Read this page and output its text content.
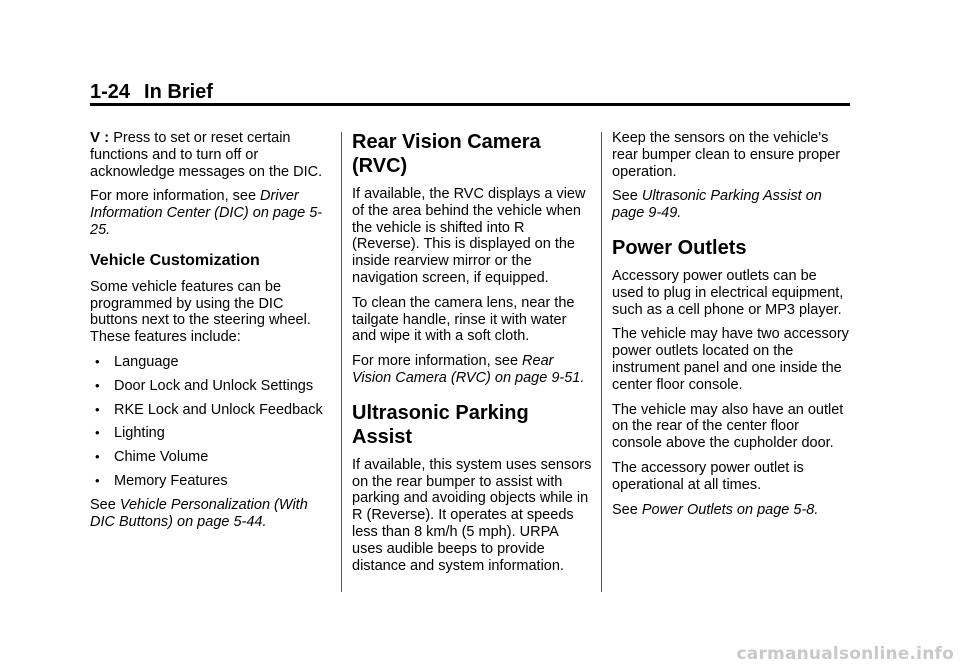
1-24 In Brief

V : Press to set or reset certain functions and to turn off or acknowledge messages on the DIC.

For more information, see Driver Information Center (DIC) on page 5-25.

Vehicle Customization

Some vehicle features can be programmed by using the DIC buttons next to the steering wheel. These features include:

• Language
• Door Lock and Unlock Settings
• RKE Lock and Unlock Feedback
• Lighting
• Chime Volume
• Memory Features

See Vehicle Personalization (With DIC Buttons) on page 5-44.

Rear Vision Camera (RVC)

If available, the RVC displays a view of the area behind the vehicle when the vehicle is shifted into R (Reverse). This is displayed on the inside rearview mirror or the navigation screen, if equipped.

To clean the camera lens, near the tailgate handle, rinse it with water and wipe it with a soft cloth.

For more information, see Rear Vision Camera (RVC) on page 9-51.

Ultrasonic Parking Assist

If available, this system uses sensors on the rear bumper to assist with parking and avoiding objects while in R (Reverse). It operates at speeds less than 8 km/h (5 mph). URPA uses audible beeps to provide distance and system information.

Keep the sensors on the vehicle's rear bumper clean to ensure proper operation.

See Ultrasonic Parking Assist on page 9-49.

Power Outlets

Accessory power outlets can be used to plug in electrical equipment, such as a cell phone or MP3 player.

The vehicle may have two accessory power outlets located on the instrument panel and one inside the center floor console.

The vehicle may also have an outlet on the rear of the center floor console above the cupholder door.

The accessory power outlet is operational at all times.

See Power Outlets on page 5-8.

carmanualsonline.info
